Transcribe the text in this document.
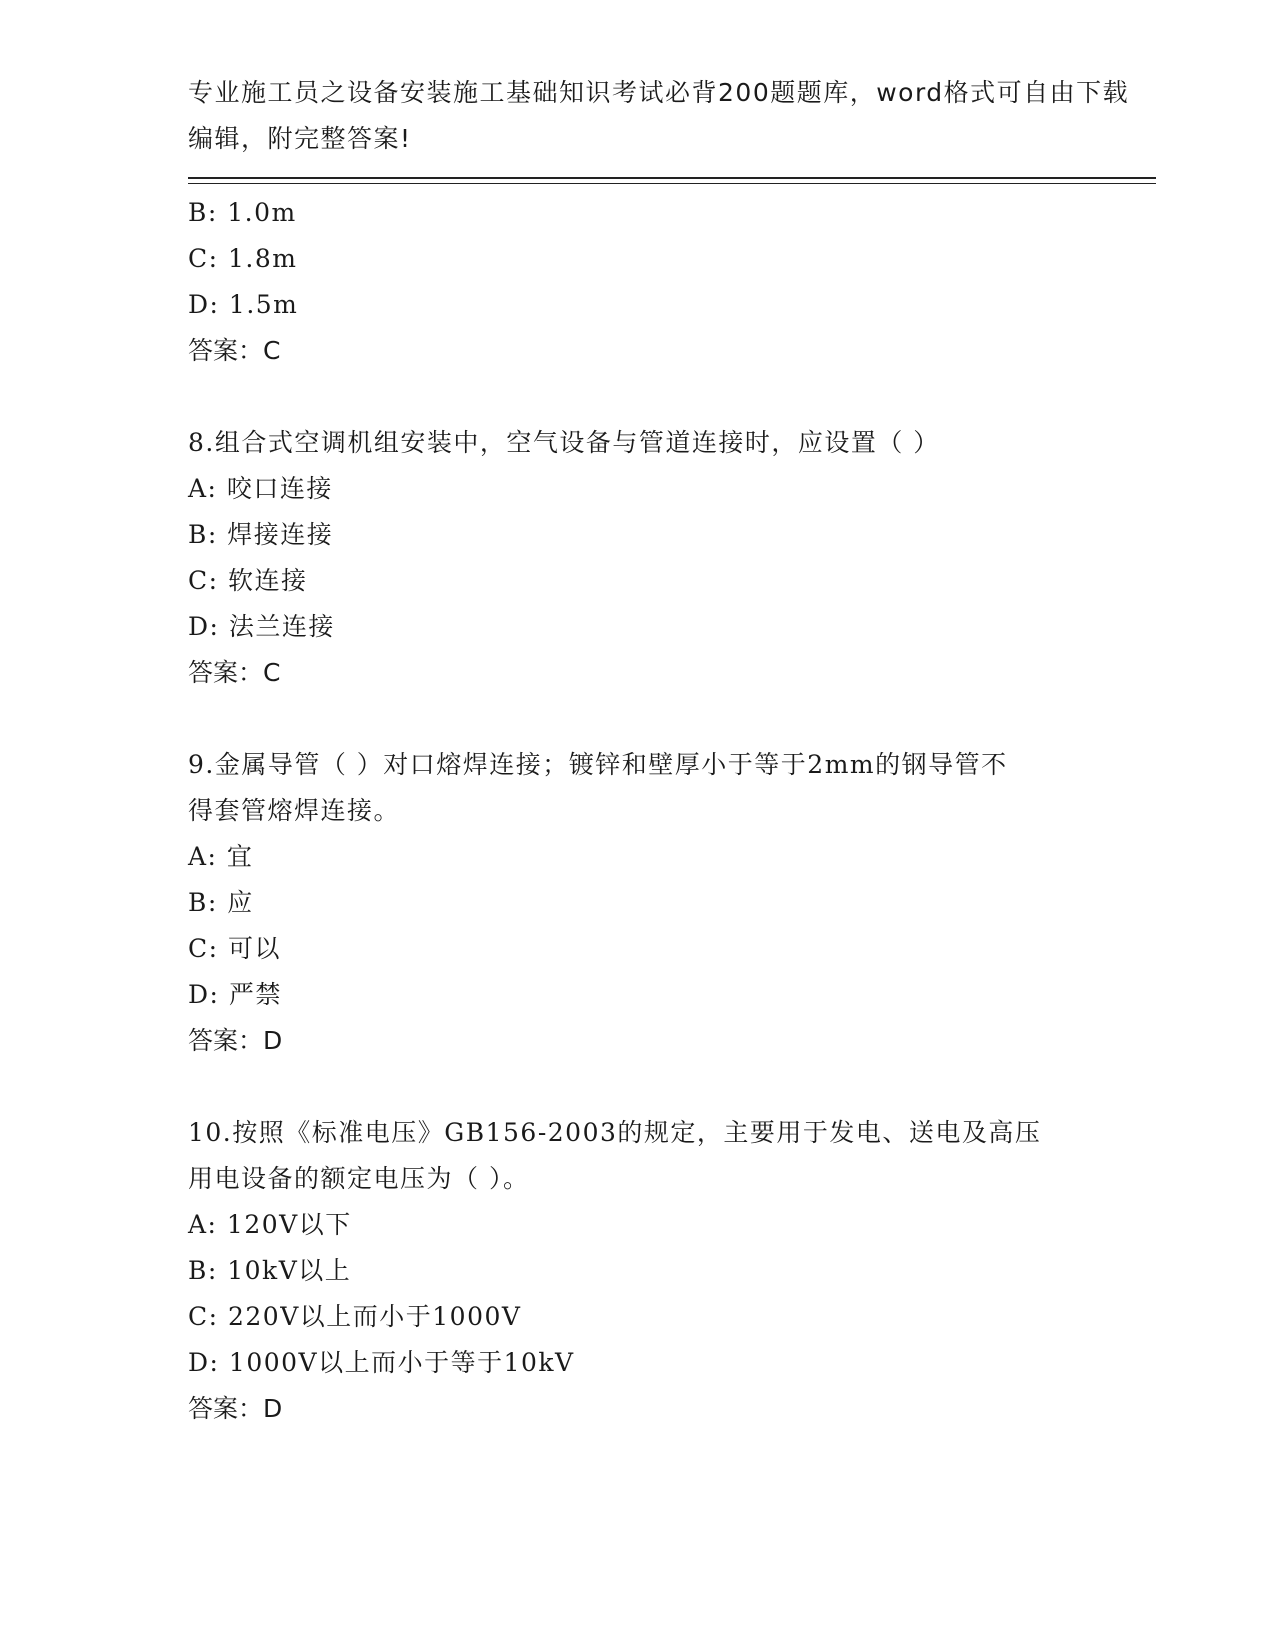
专业施工员之设备安装施工基础知识考试必背200题题库，word格式可自由下载
编辑，附完整答案!
B: 1.0m
C: 1.8m
D: 1.5m
答案：C
8.组合式空调机组安装中，空气设备与管道连接时，应设置（ ）
A: 咬口连接
B: 焊接连接
C: 软连接
D: 法兰连接
答案：C
9.金属导管（ ）对口熔焊连接；镀锌和壁厚小于等于2mm的钢导管不
得套管熔焊连接。
A: 宜
B: 应
C: 可以
D: 严禁
答案：D
10.按照《标准电压》GB156-2003的规定，主要用于发电、送电及高压
用电设备的额定电压为（ ）。
A: 120V以下
B: 10kV以上
C: 220V以上而小于1000V
D: 1000V以上而小于等于10kV
答案：D
